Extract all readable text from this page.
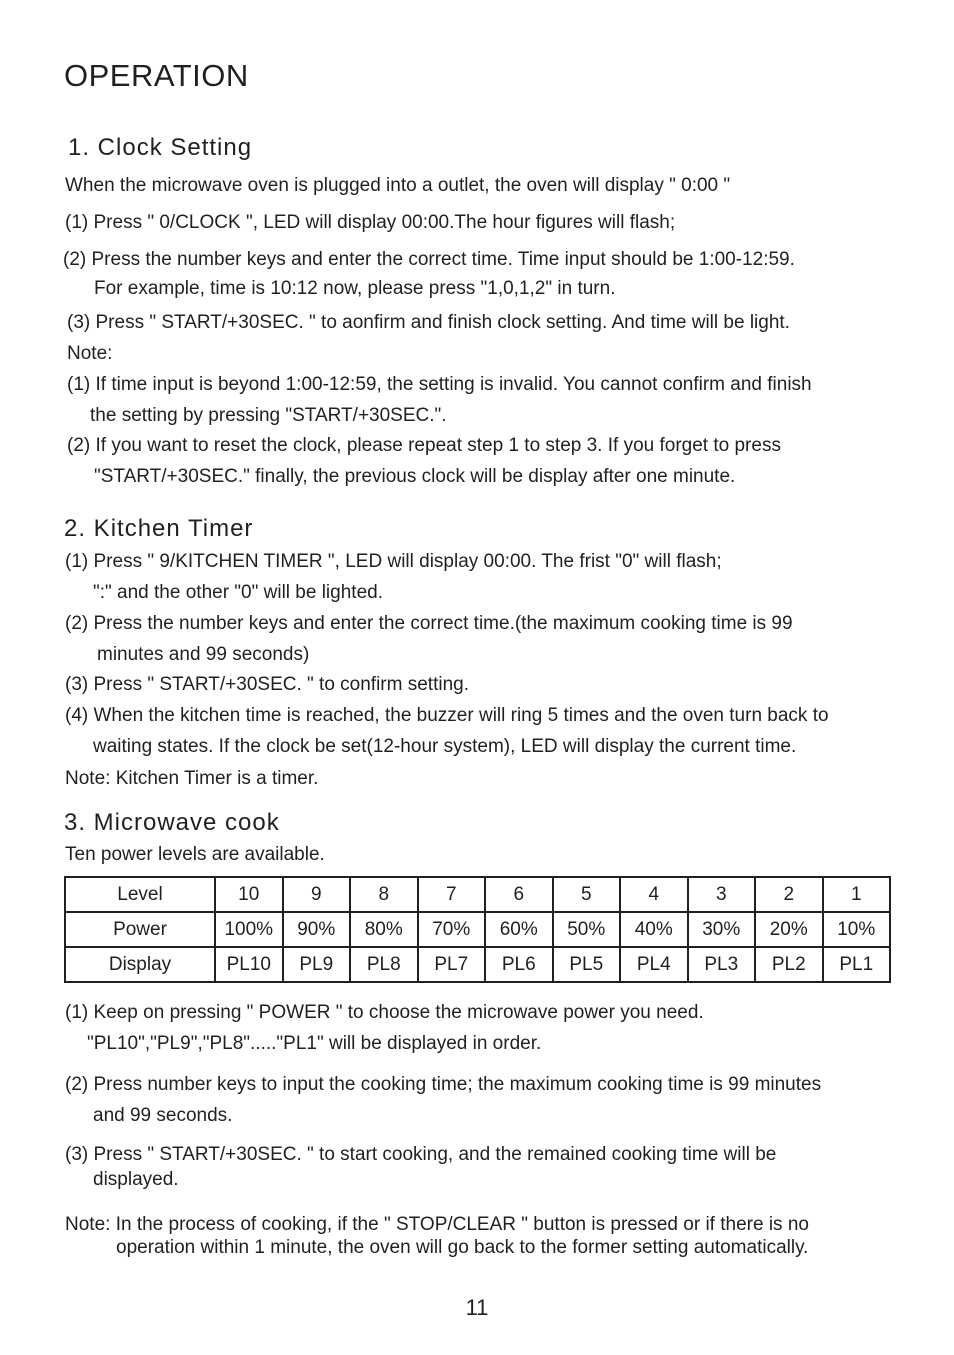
OPERATION
1. Clock Setting
When the microwave oven is plugged into a outlet, the oven will display " 0:00 "
(1) Press " 0/CLOCK ", LED will display 00:00.The hour figures will flash;
(2) Press the number keys and enter the correct time. Time input should be 1:00-12:59.
For example, time is 10:12 now, please press "1,0,1,2" in turn.
(3) Press " START/+30SEC. " to aonfirm and finish clock setting. And time will be light.
Note:
(1) If time input is beyond 1:00-12:59, the setting is invalid. You cannot confirm and finish
the setting by pressing "START/+30SEC.".
(2) If you want to reset the clock, please repeat step 1 to step 3. If you forget to press
"START/+30SEC." finally, the previous clock will be display after one minute.
2. Kitchen Timer
(1) Press " 9/KITCHEN TIMER ", LED will display 00:00. The frist "0" will flash;
":" and the other "0" will be lighted.
(2) Press the number keys and enter the correct time.(the maximum cooking time is 99
minutes and 99 seconds)
(3) Press " START/+30SEC. " to confirm setting.
(4) When the kitchen time is reached, the buzzer will ring 5 times and the oven turn back to
waiting states. If the clock be set(12-hour system), LED will display the current time.
Note: Kitchen Timer is a timer.
3. Microwave cook
Ten power levels are available.
Level	10	9	8	7	6	5	4	3	2	1
Power	100%	90%	80%	70%	60%	50%	40%	30%	20%	10%
Display	PL10	PL9	PL8	PL7	PL6	PL5	PL4	PL3	PL2	PL1
(1) Keep on pressing " POWER " to choose the microwave power you need.
"PL10","PL9","PL8"....."PL1" will be displayed in order.
(2) Press number keys to input the cooking time; the maximum cooking time is 99 minutes
and 99 seconds.
(3) Press " START/+30SEC. " to start cooking, and the remained cooking time will be
displayed.
Note: In the process of cooking, if the " STOP/CLEAR " button is pressed or if there is no
operation within 1 minute, the oven will go back to the former setting automatically.
11
